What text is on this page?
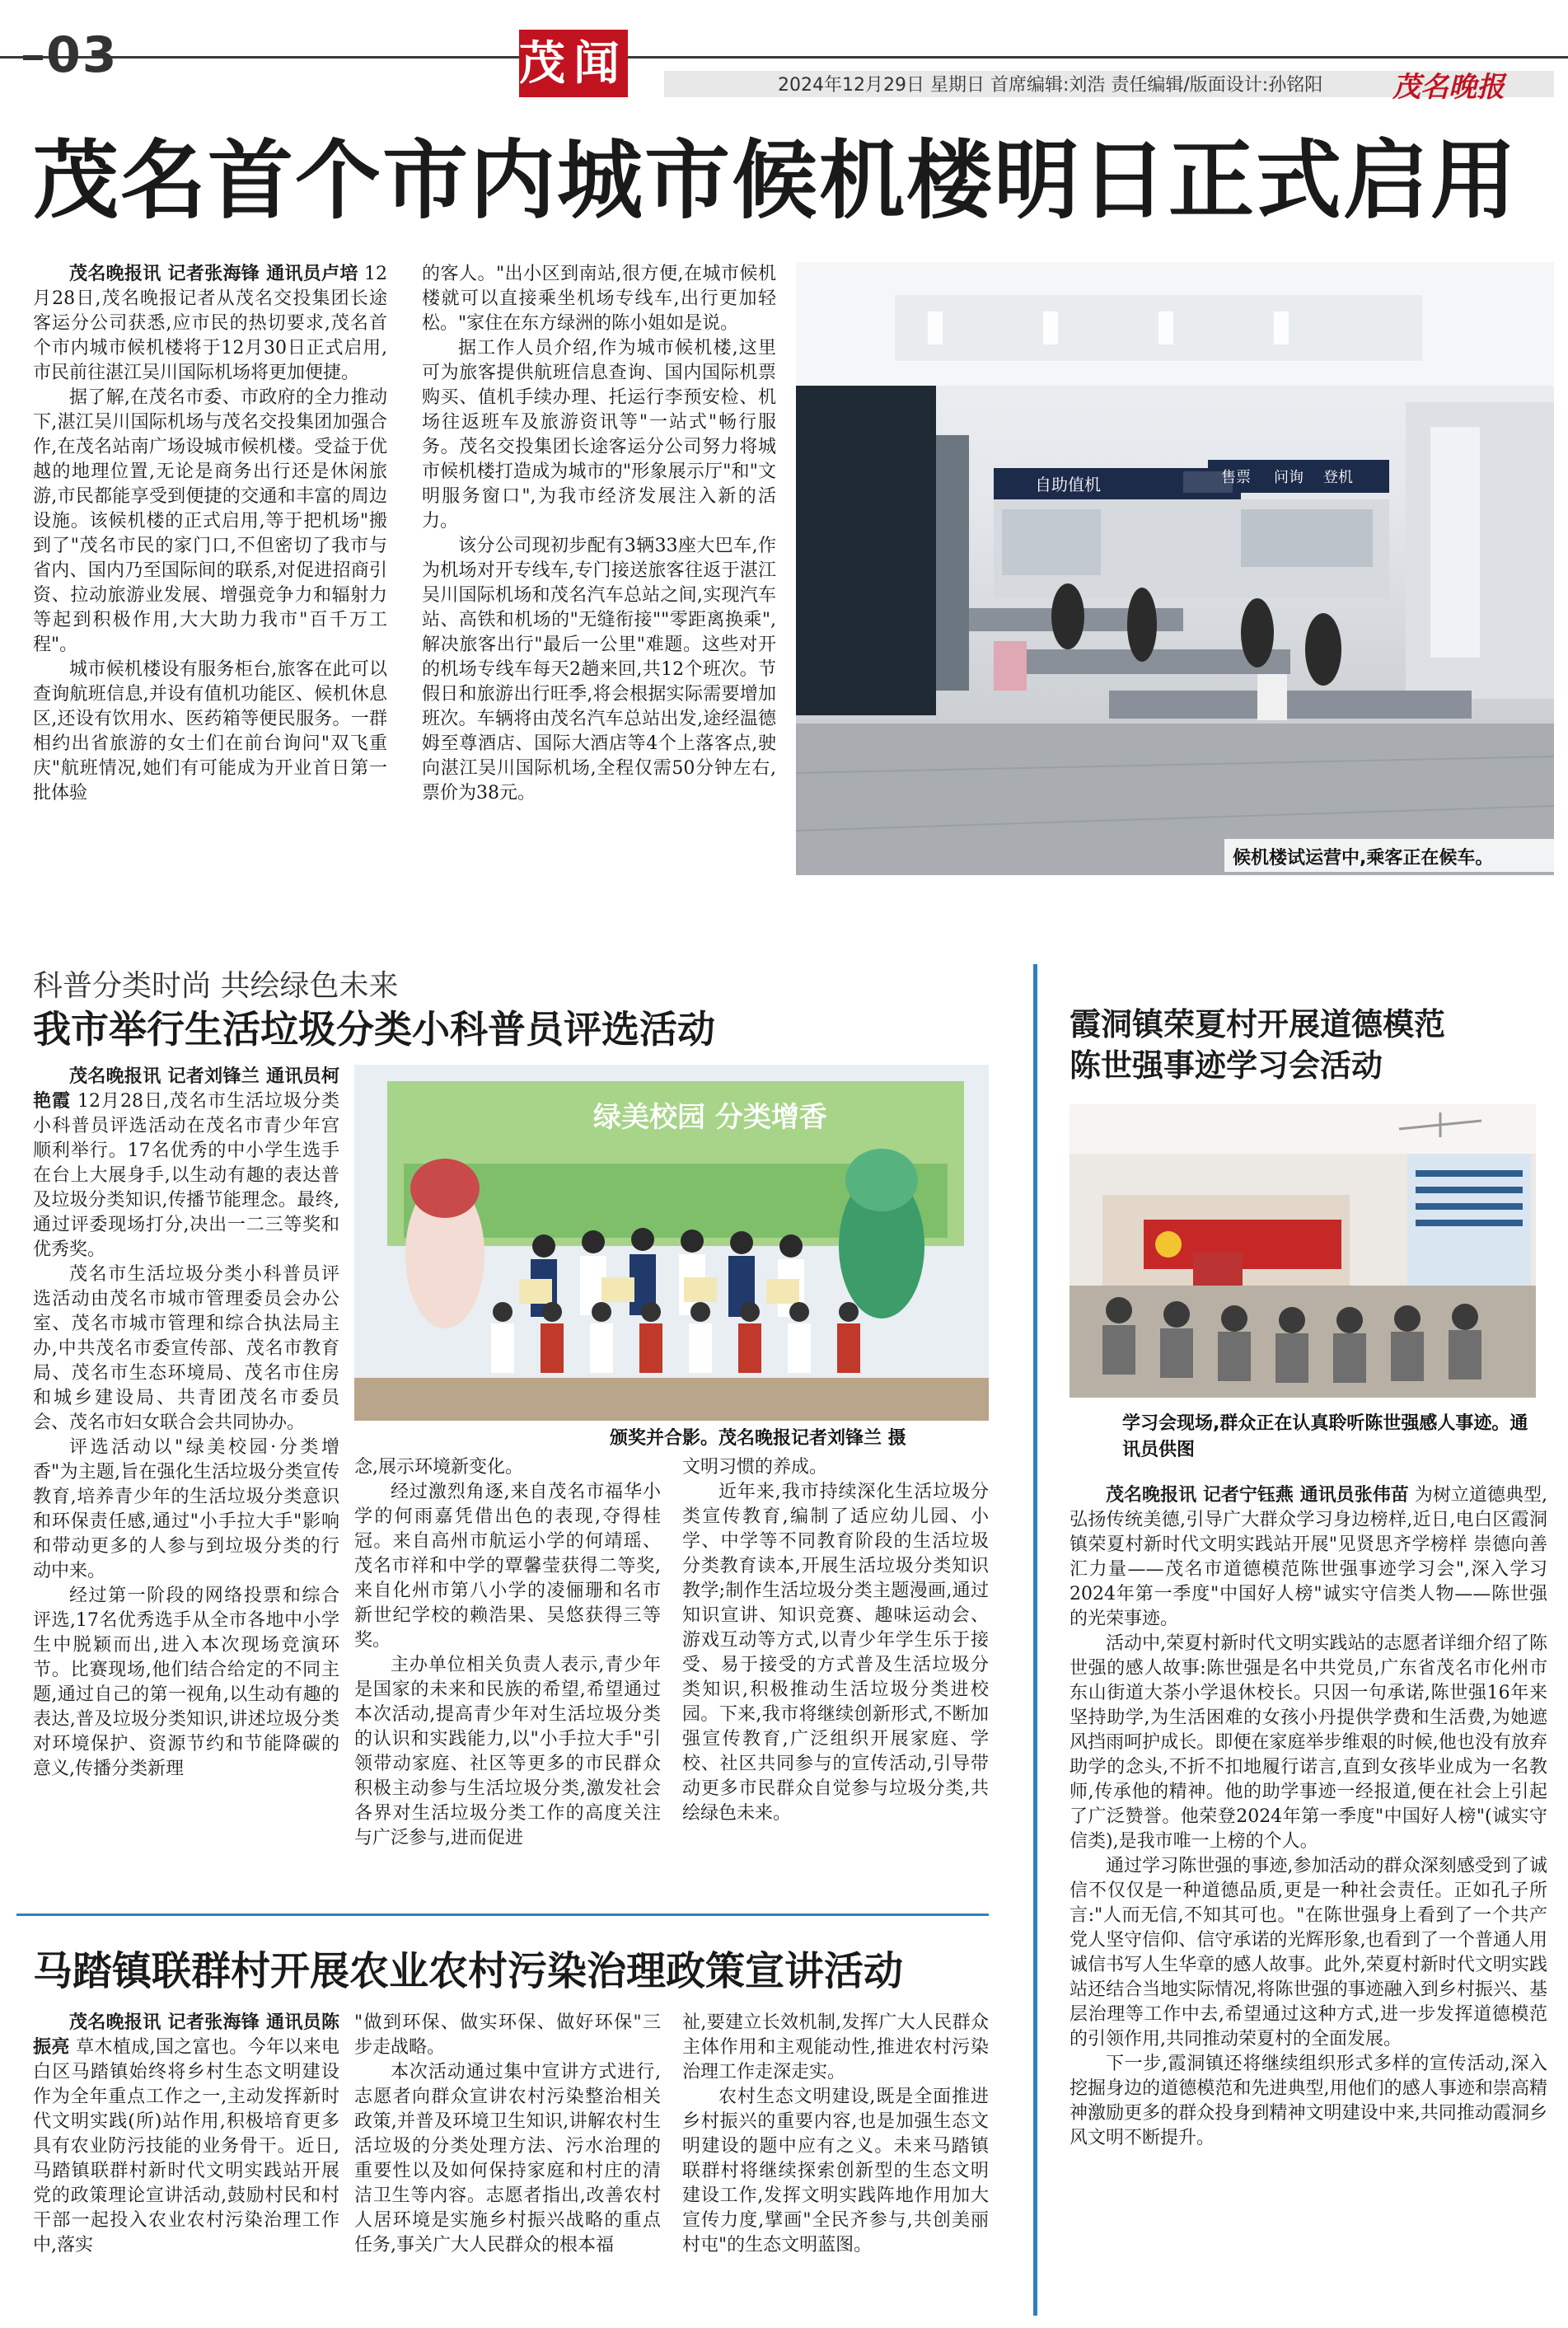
03	茂闻	2024年12月29日 星期日 首席编辑:刘浩 责任编辑/版面设计:孙铭阳 茂名晚报
茂名首个市内城市候机楼明日正式启用

茂名晚报讯 记者张海锋 通讯员卢培 12月28日,茂名晚报记者从茂名交投集团长途客运分公司获悉,应市民的热切要求,茂名首个市内城市候机楼将于12月30日正式启用,市民前往湛江吴川国际机场将更加便捷。

据了解,在茂名市委、市政府的全力推动下,湛江吴川国际机场与茂名交投集团加强合作,在茂名站南广场设城市候机楼。受益于优越的地理位置,无论是商务出行还是休闲旅游,市民都能享受到便捷的交通和丰富的周边设施。该候机楼的正式启用,等于把机场"搬到了"茂名市民的家门口,不但密切了我市与省内、国内乃至国际间的联系,对促进招商引资、拉动旅游业发展、增强竞争力和辐射力等起到积极作用,大大助力我市"百千万工程"。

城市候机楼设有服务柜台,旅客在此可以查询航班信息,并设有值机功能区、候机休息区,还设有饮用水、医药箱等便民服务。一群相约出省旅游的女士们在前台询问"双飞重庆"航班情况,她们有可能成为开业首日第一批体验

的客人。"出小区到南站,很方便,在城市候机楼就可以直接乘坐机场专线车,出行更加轻松。"家住在东方绿洲的陈小姐如是说。

据工作人员介绍,作为城市候机楼,这里可为旅客提供航班信息查询、国内国际机票购买、值机手续办理、托运行李预安检、机场往返班车及旅游资讯等"一站式"畅行服务。茂名交投集团长途客运分公司努力将城市候机楼打造成为城市的"形象展示厅"和"文明服务窗口",为我市经济发展注入新的活力。

该分公司现初步配有3辆33座大巴车,作为机场对开专线车,专门接送旅客往返于湛江吴川国际机场和茂名汽车总站之间,实现汽车站、高铁和机场的"无缝衔接""零距离换乘",解决旅客出行"最后一公里"难题。这些对开的机场专线车每天2趟来回,共12个班次。节假日和旅游出行旺季,将会根据实际需要增加班次。车辆将由茂名汽车总站出发,途经温德姆至尊酒店、国际大酒店等4个上落客点,驶向湛江吴川国际机场,全程仅需50分钟左右,票价为38元。

自助值机	售票 问询 登机
候机楼试运营中,乘客正在候车。
科普分类时尚 共绘绿色未来
我市举行生活垃圾分类小科普员评选活动

茂名晚报讯 记者刘锋兰 通讯员柯艳霞 12月28日,茂名市生活垃圾分类小科普员评选活动在茂名市青少年宫顺利举行。17名优秀的中小学生选手在台上大展身手,以生动有趣的表达普及垃圾分类知识,传播节能理念。最终,通过评委现场打分,决出一二三等奖和优秀奖。

茂名市生活垃圾分类小科普员评选活动由茂名市城市管理委员会办公室、茂名市城市管理和综合执法局主办,中共茂名市委宣传部、茂名市教育局、茂名市生态环境局、茂名市住房和城乡建设局、共青团茂名市委员会、茂名市妇女联合会共同协办。

评选活动以"绿美校园·分类增香"为主题,旨在强化生活垃圾分类宣传教育,培养青少年的生活垃圾分类意识和环保责任感,通过"小手拉大手"影响和带动更多的人参与到垃圾分类的行动中来。

经过第一阶段的网络投票和综合评选,17名优秀选手从全市各地中小学生中脱颖而出,进入本次现场竞演环节。比赛现场,他们结合给定的不同主题,通过自己的第一视角,以生动有趣的表达,普及垃圾分类知识,讲述垃圾分类对环境保护、资源节约和节能降碳的意义,传播分类新理

绿美校园 分类增香
颁奖并合影。茂名晚报记者刘锋兰 摄

念,展示环境新变化。

经过激烈角逐,来自茂名市福华小学的何雨嘉凭借出色的表现,夺得桂冠。来自高州市航运小学的何靖瑶、茂名市祥和中学的覃馨莹获得二等奖,来自化州市第八小学的凌俪珊和名市新世纪学校的赖浩果、吴悠获得三等奖。

主办单位相关负责人表示,青少年是国家的未来和民族的希望,希望通过本次活动,提高青少年对生活垃圾分类的认识和实践能力,以"小手拉大手"引领带动家庭、社区等更多的市民群众积极主动参与生活垃圾分类,激发社会各界对生活垃圾分类工作的高度关注与广泛参与,进而促进

文明习惯的养成。

近年来,我市持续深化生活垃圾分类宣传教育,编制了适应幼儿园、小学、中学等不同教育阶段的生活垃圾分类教育读本,开展生活垃圾分类知识教学;制作生活垃圾分类主题漫画,通过知识宣讲、知识竞赛、趣味运动会、游戏互动等方式,以青少年学生乐于接受、易于接受的方式普及生活垃圾分类知识,积极推动生活垃圾分类进校园。下来,我市将继续创新形式,不断加强宣传教育,广泛组织开展家庭、学校、社区共同参与的宣传活动,引导带动更多市民群众自觉参与垃圾分类,共绘绿色未来。

马踏镇联群村开展农业农村污染治理政策宣讲活动

茂名晚报讯 记者张海锋 通讯员陈振亮 草木植成,国之富也。今年以来电白区马踏镇始终将乡村生态文明建设作为全年重点工作之一,主动发挥新时代文明实践(所)站作用,积极培育更多具有农业防污技能的业务骨干。近日,马踏镇联群村新时代文明实践站开展党的政策理论宣讲活动,鼓励村民和村干部一起投入农业农村污染治理工作中,落实

"做到环保、做实环保、做好环保"三步走战略。

本次活动通过集中宣讲方式进行,志愿者向群众宣讲农村污染整治相关政策,并普及环境卫生知识,讲解农村生活垃圾的分类处理方法、污水治理的重要性以及如何保持家庭和村庄的清洁卫生等内容。志愿者指出,改善农村人居环境是实施乡村振兴战略的重点任务,事关广大人民群众的根本福

祉,要建立长效机制,发挥广大人民群众主体作用和主观能动性,推进农村污染治理工作走深走实。

农村生态文明建设,既是全面推进乡村振兴的重要内容,也是加强生态文明建设的题中应有之义。未来马踏镇联群村将继续探索创新型的生态文明建设工作,发挥文明实践阵地作用加大宣传力度,擘画"全民齐参与,共创美丽村屯"的生态文明蓝图。

霞洞镇荣夏村开展道德模范
陈世强事迹学习会活动
学习会现场,群众正在认真聆听陈世强感人事迹。通讯员供图

茂名晚报讯 记者宁钰燕 通讯员张伟苗 为树立道德典型,弘扬传统美德,引导广大群众学习身边榜样,近日,电白区霞洞镇荣夏村新时代文明实践站开展"见贤思齐学榜样 崇德向善汇力量——茂名市道德模范陈世强事迹学习会",深入学习2024年第一季度"中国好人榜"诚实守信类人物——陈世强的光荣事迹。

活动中,荣夏村新时代文明实践站的志愿者详细介绍了陈世强的感人故事:陈世强是名中共党员,广东省茂名市化州市东山街道大荼小学退休校长。只因一句承诺,陈世强16年来坚持助学,为生活困难的女孩小丹提供学费和生活费,为她遮风挡雨呵护成长。即便在家庭举步维艰的时候,他也没有放弃助学的念头,不折不扣地履行诺言,直到女孩毕业成为一名教师,传承他的精神。他的助学事迹一经报道,便在社会上引起了广泛赞誉。他荣登2024年第一季度"中国好人榜"(诚实守信类),是我市唯一上榜的个人。

通过学习陈世强的事迹,参加活动的群众深刻感受到了诚信不仅仅是一种道德品质,更是一种社会责任。正如孔子所言:"人而无信,不知其可也。"在陈世强身上看到了一个共产党人坚守信仰、信守承诺的光辉形象,也看到了一个普通人用诚信书写人生华章的感人故事。此外,荣夏村新时代文明实践站还结合当地实际情况,将陈世强的事迹融入到乡村振兴、基层治理等工作中去,希望通过这种方式,进一步发挥道德模范的引领作用,共同推动荣夏村的全面发展。

下一步,霞洞镇还将继续组织形式多样的宣传活动,深入挖掘身边的道德模范和先进典型,用他们的感人事迹和崇高精神激励更多的群众投身到精神文明建设中来,共同推动霞洞乡风文明不断提升。
